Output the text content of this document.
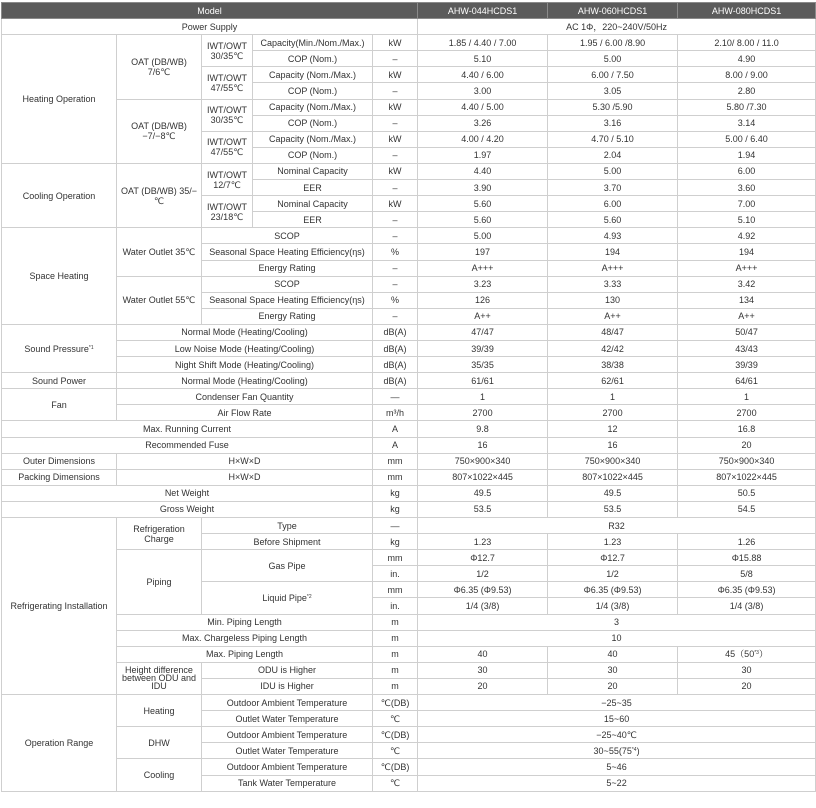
Model					AHW-044HCDS1	AHW-060HCDS1	AHW-080HCDS1
Power Supply					AC 1Φ，220~240V/50Hz		
Heating Operation	OAT (DB/WB) 7/6℃	IWT/OWT 30/35℃	Capacity(Min./Nom./Max.)	kW	1.85 / 4.40 / 7.00	1.95 / 6.00 /8.90	2.10/ 8.00 / 11.0
			COP (Nom.)	–	5.10	5.00	4.90
		IWT/OWT 47/55℃	Capacity (Nom./Max.)	kW	4.40 / 6.00	6.00 / 7.50	8.00 / 9.00
			COP (Nom.)	–	3.00	3.05	2.80
	OAT (DB/WB) −7/−8℃	IWT/OWT 30/35℃	Capacity (Nom./Max.)	kW	4.40 / 5.00	5.30 /5.90	5.80 /7.30
			COP (Nom.)	–	3.26	3.16	3.14
		IWT/OWT 47/55℃	Capacity (Nom./Max.)	kW	4.00 / 4.20	4.70 / 5.10	5.00 / 6.40
			COP (Nom.)	–	1.97	2.04	1.94
Cooling Operation	OAT (DB/WB) 35/−℃	IWT/OWT 12/7℃	Nominal Capacity	kW	4.40	5.00	6.00
			EER	–	3.90	3.70	3.60
		IWT/OWT 23/18℃	Nominal Capacity	kW	5.60	6.00	7.00
			EER	–	5.60	5.60	5.10
Space Heating	Water Outlet 35℃	SCOP		–	5.00	4.93	4.92
		Seasonal Space Heating Efficiency(ηs)		%	197	194	194
		Energy Rating		–	A+++	A+++	A+++
	Water Outlet 55℃	SCOP		–	3.23	3.33	3.42
		Seasonal Space Heating Efficiency(ηs)		%	126	130	134
		Energy Rating		–	A++	A++	A++
Sound Pressure$^{*1}$	Normal Mode (Heating/Cooling)			dB(A)	47/47	48/47	50/47
	Low Noise Mode (Heating/Cooling)			dB(A)	39/39	42/42	43/43
	Night Shift Mode (Heating/Cooling)			dB(A)	35/35	38/38	39/39
Sound Power	Normal Mode (Heating/Cooling)			dB(A)	61/61	62/61	64/61
Fan	Condenser Fan Quantity			—	1	1	1
	Air Flow Rate			m³/h	2700	2700	2700
Max. Running Current				A	9.8	12	16.8
Recommended Fuse				A	16	16	20
Outer Dimensions	H×W×D			mm	750×900×340	750×900×340	750×900×340
Packing Dimensions	H×W×D			mm	807×1022×445	807×1022×445	807×1022×445
Net Weight				kg	49.5	49.5	50.5
Gross Weight				kg	53.5	53.5	54.5
Refrigerating Installation	Refrigeration Charge	Type		—	R32		
		Before Shipment		kg	1.23	1.23	1.26
	Piping	Gas Pipe		mm	Φ12.7	Φ12.7	Φ15.88
				in.	1/2	1/2	5/8
		Liquid Pipe$^{*2}$		mm	Φ6.35 (Φ9.53)	Φ6.35 (Φ9.53)	Φ6.35 (Φ9.53)
				in.	1/4 (3/8)	1/4 (3/8)	1/4 (3/8)
	Min. Piping Length			m	3		
	Max. Chargeless Piping Length			m	10		
	Max. Piping Length			m	40	40	45（50$^{*3}$）
	Height difference between ODU and IDU	ODU is Higher		m	30	30	30
		IDU is Higher		m	20	20	20
Operation Range	Heating	Outdoor Ambient Temperature		℃(DB)	−25~35		
		Outlet Water Temperature		℃	15~60		
	DHW	Outdoor Ambient Temperature		℃(DB)	−25~40℃		
		Outlet Water Temperature		℃	30~55(75$^{*4}$)		
	Cooling	Outdoor Ambient Temperature		℃(DB)	5~46		
		Tank Water Temperature		℃	5~22		
